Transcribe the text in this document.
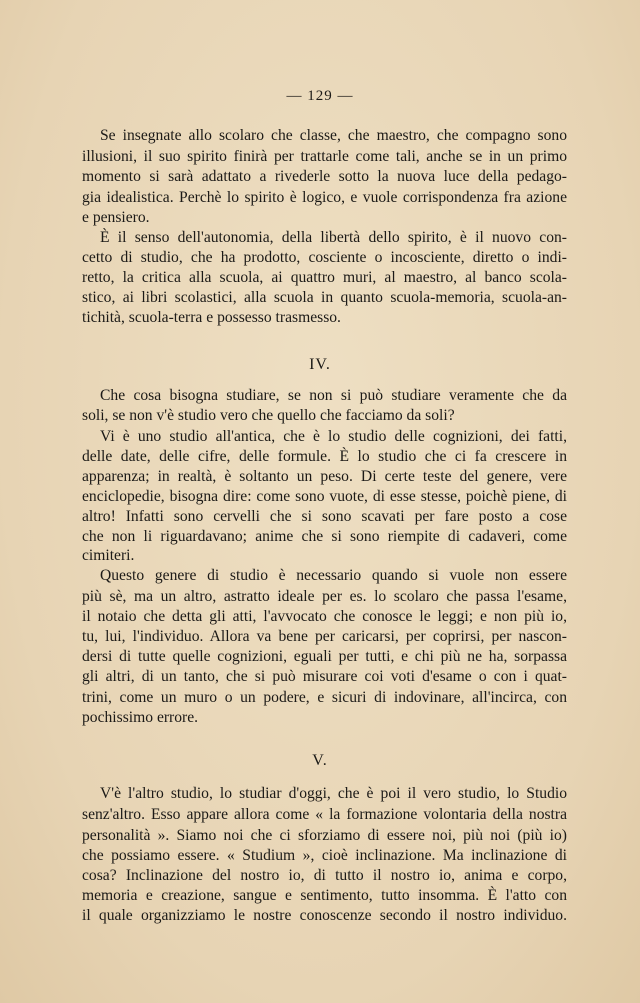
— 129 —
Se insegnate allo scolaro che classe, che maestro, che compagno sono
illusioni, il suo spirito finirà per trattarle come tali, anche se in un primo
momento si sarà adattato a rivederle sotto la nuova luce della pedago-
gia idealistica. Perchè lo spirito è logico, e vuole corrispondenza fra azione
e pensiero.
È il senso dell'autonomia, della libertà dello spirito, è il nuovo con-
cetto di studio, che ha prodotto, cosciente o incosciente, diretto o indi-
retto, la critica alla scuola, ai quattro muri, al maestro, al banco scola-
stico, ai libri scolastici, alla scuola in quanto scuola-memoria, scuola-an-
tichità, scuola-terra e possesso trasmesso.
IV.
Che cosa bisogna studiare, se non si può studiare veramente che da
soli, se non v'è studio vero che quello che facciamo da soli?
Vi è uno studio all'antica, che è lo studio delle cognizioni, dei fatti,
delle date, delle cifre, delle formule. È lo studio che ci fa crescere in
apparenza; in realtà, è soltanto un peso. Di certe teste del genere, vere
enciclopedie, bisogna dire: come sono vuote, di esse stesse, poichè piene, di
altro! Infatti sono cervelli che si sono scavati per fare posto a cose
che non li riguardavano; anime che si sono riempite di cadaveri, come
cimiteri.
Questo genere di studio è necessario quando si vuole non essere
più sè, ma un altro, astratto ideale per es. lo scolaro che passa l'esame,
il notaio che detta gli atti, l'avvocato che conosce le leggi; e non più io,
tu, lui, l'individuo. Allora va bene per caricarsi, per coprirsi, per nascon-
dersi di tutte quelle cognizioni, eguali per tutti, e chi più ne ha, sorpassa
gli altri, di un tanto, che si può misurare coi voti d'esame o con i quat-
trini, come un muro o un podere, e sicuri di indovinare, all'incirca, con
pochissimo errore.
V.
V'è l'altro studio, lo studiar d'oggi, che è poi il vero studio, lo Studio
senz'altro. Esso appare allora come « la formazione volontaria della nostra
personalità ». Siamo noi che ci sforziamo di essere noi, più noi (più io)
che possiamo essere. « Studium », cioè inclinazione. Ma inclinazione di
cosa? Inclinazione del nostro io, di tutto il nostro io, anima e corpo,
memoria e creazione, sangue e sentimento, tutto insomma. È l'atto con
il quale organizziamo le nostre conoscenze secondo il nostro individuo.
